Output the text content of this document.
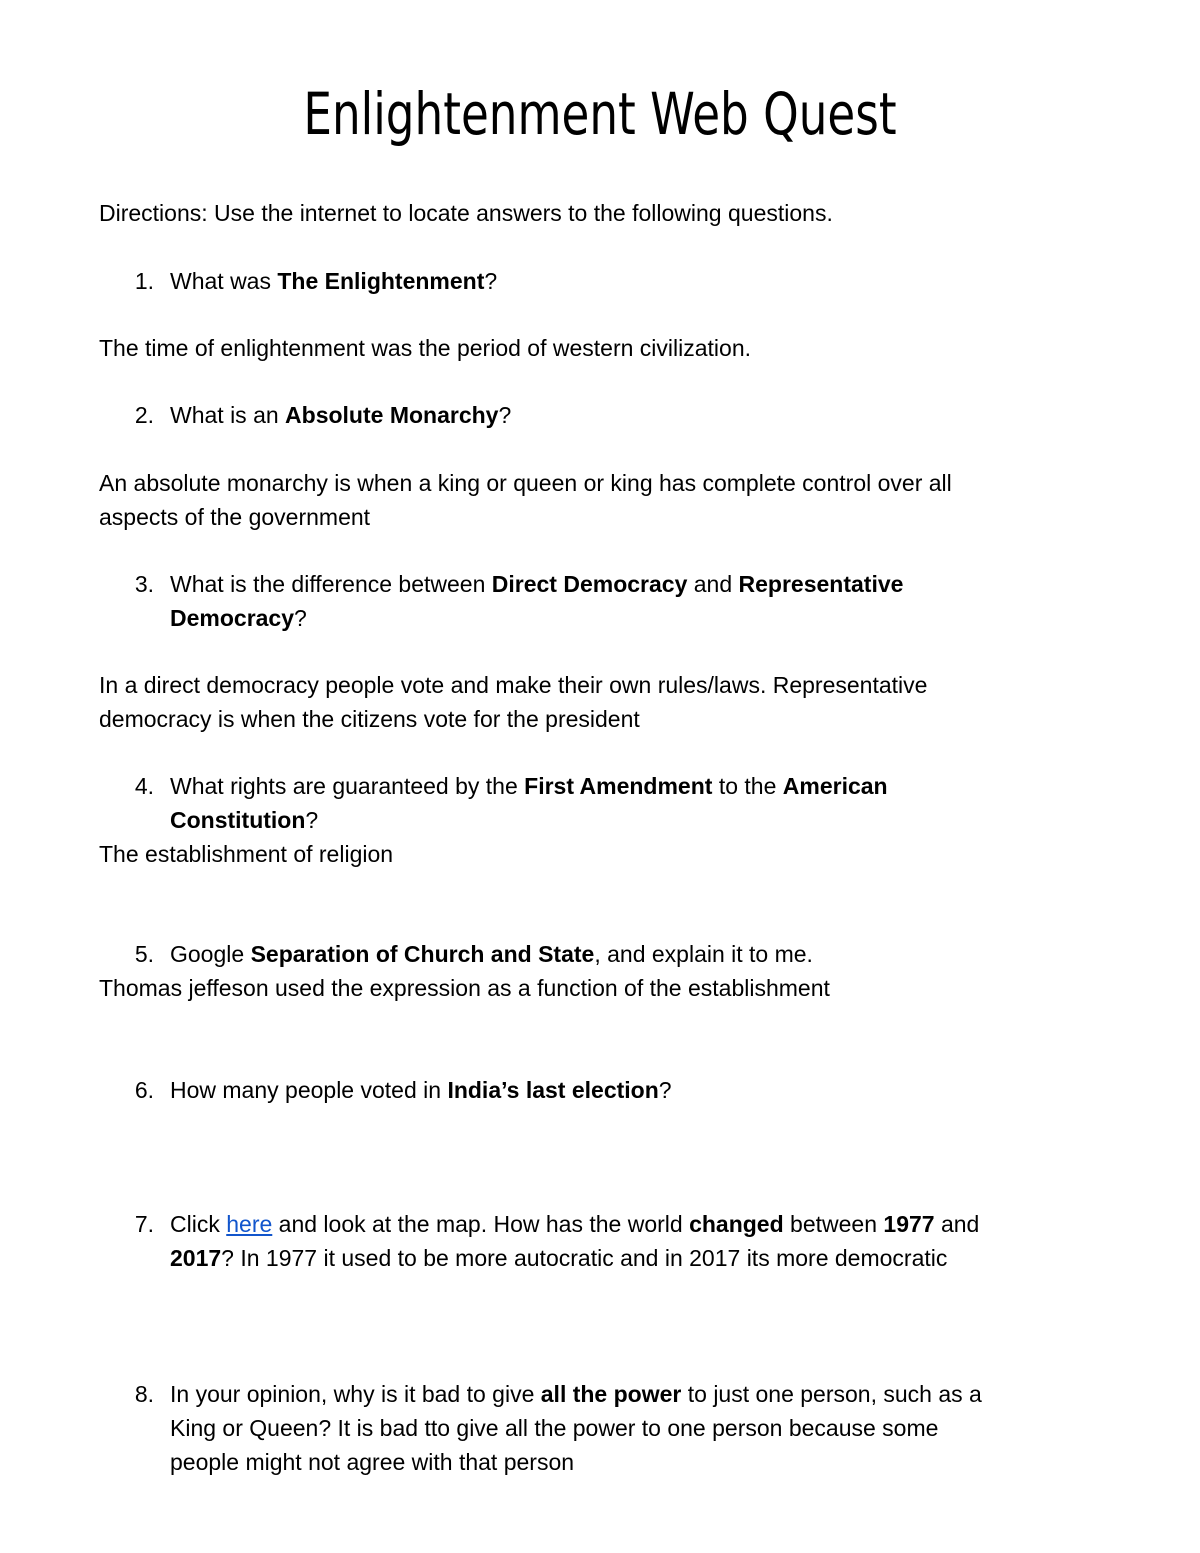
Enlightenment Web Quest
Directions: Use the internet to locate answers to the following questions.
1. What was The Enlightenment?
The time of enlightenment was the period of western civilization.
2. What is an Absolute Monarchy?
An absolute monarchy is when a king or queen or king has complete control over all
aspects of the government
3. What is the difference between Direct Democracy and Representative
Democracy?
In a direct democracy people vote and make their own rules/laws. Representative
democracy is when the citizens vote for the president
4. What rights are guaranteed by the First Amendment to the American
Constitution?
The establishment of religion
5. Google Separation of Church and State, and explain it to me.
Thomas jeffeson used the expression as a function of the establishment
6. How many people voted in India’s last election?
7. Click here and look at the map. How has the world changed between 1977 and
2017? In 1977 it used to be more autocratic and in 2017 its more democratic
8. In your opinion, why is it bad to give all the power to just one person, such as a
King or Queen? It is bad tto give all the power to one person because some
people might not agree with that person
